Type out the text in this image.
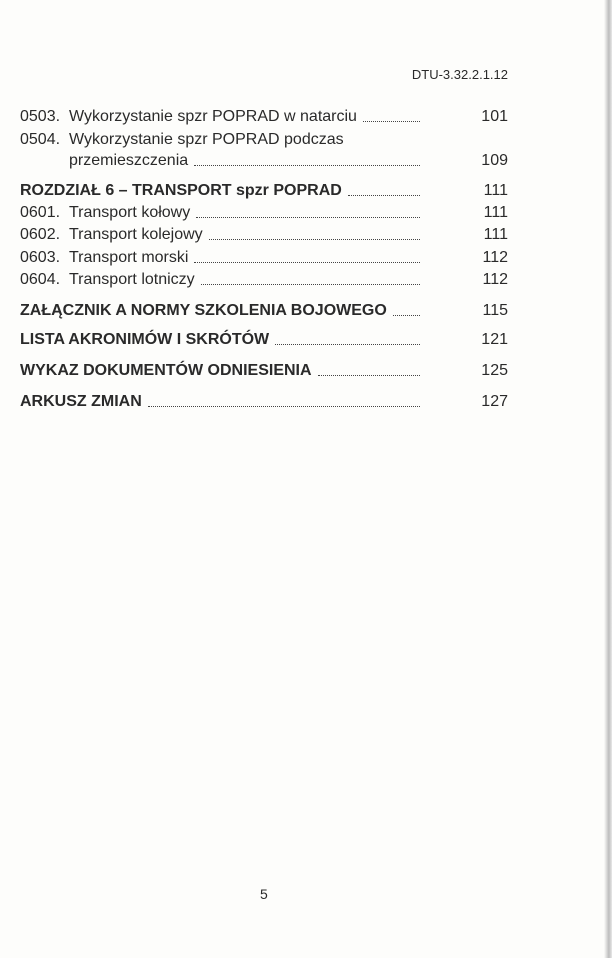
DTU-3.32.2.1.12
0503. Wykorzystanie spzr POPRAD w natarciu	101
0504. Wykorzystanie spzr POPRAD podczas
przemieszczenia	109
ROZDZIAŁ 6 – TRANSPORT spzr POPRAD	111
0601. Transport kołowy	111
0602. Transport kolejowy	111
0603. Transport morski	112
0604. Transport lotniczy	112
ZAŁĄCZNIK A NORMY SZKOLENIA BOJOWEGO	115
LISTA AKRONIMÓW I SKRÓTÓW	121
WYKAZ DOKUMENTÓW ODNIESIENIA	125
ARKUSZ ZMIAN	127
5
